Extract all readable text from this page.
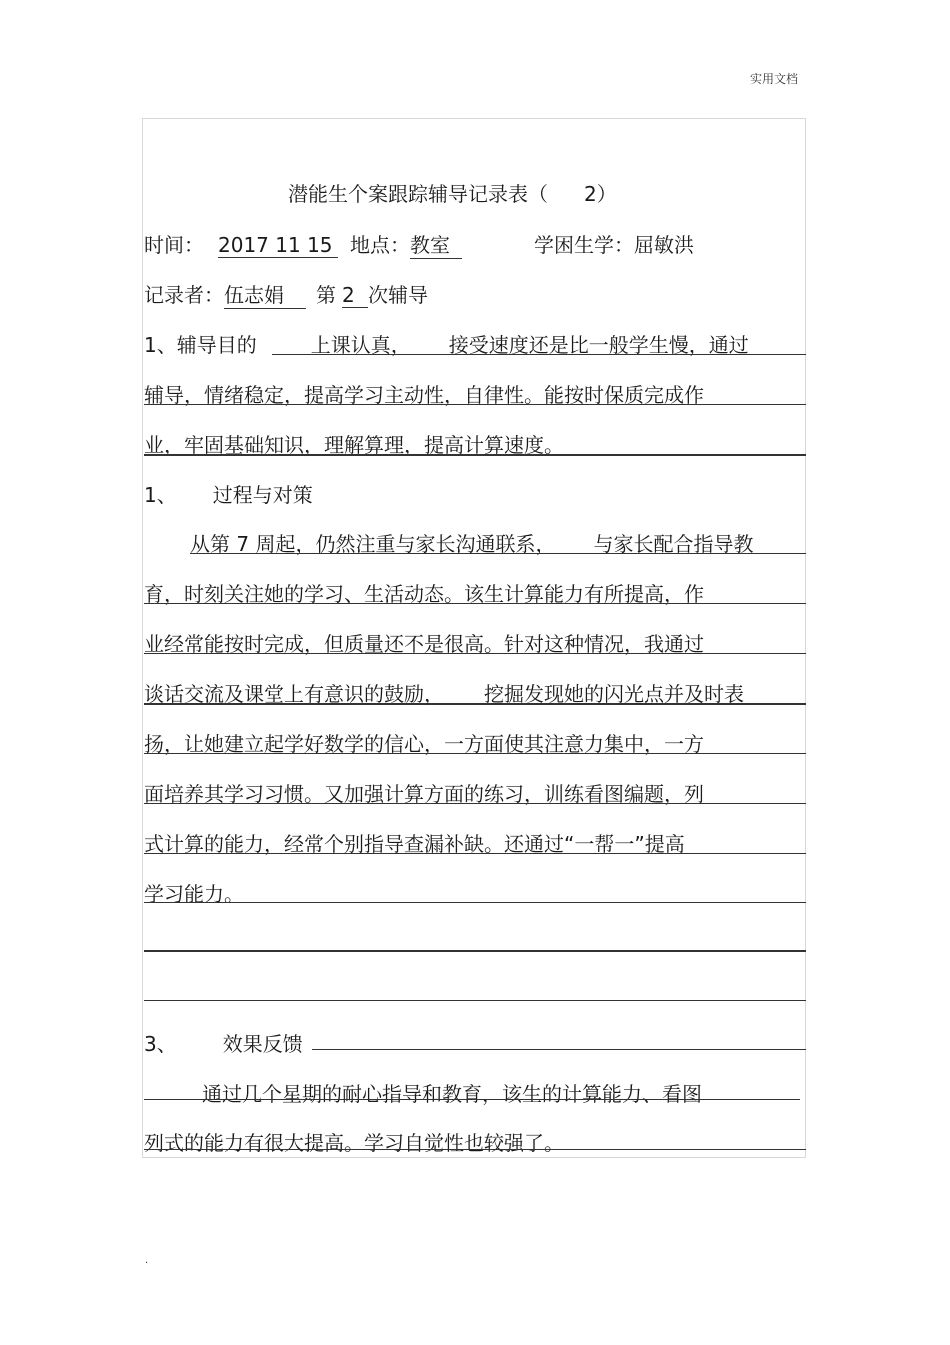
实用文档
潜能生个案跟踪辅导记录表（ 2）
时间： 2017 11 15 地点：教室	学困生学：屈敏洪
记录者：伍志娟 第 2 次辅导
1、辅导目的	上课认真， 接受速度还是比一般学生慢，通过
辅导，情绪稳定，提高学习主动性，自律性。能按时保质完成作
业，牢固基础知识，理解算理，提高计算速度。
1、 过程与对策
从第 7 周起，仍然注重与家长沟通联系， 与家长配合指导教
育，时刻关注她的学习、生活动态。该生计算能力有所提高，作
业经常能按时完成，但质量还不是很高。针对这种情况，我通过
谈话交流及课堂上有意识的鼓励， 挖掘发现她的闪光点并及时表
扬，让她建立起学好数学的信心，一方面使其注意力集中，一方
面培养其学习习惯。又加强计算方面的练习，训练看图编题，列
式计算的能力，经常个别指导查漏补缺。还通过“一帮一”提高
学习能力。
3、 效果反馈
通过几个星期的耐心指导和教育，该生的计算能力、看图
列式的能力有很大提高。学习自觉性也较强了。
.
